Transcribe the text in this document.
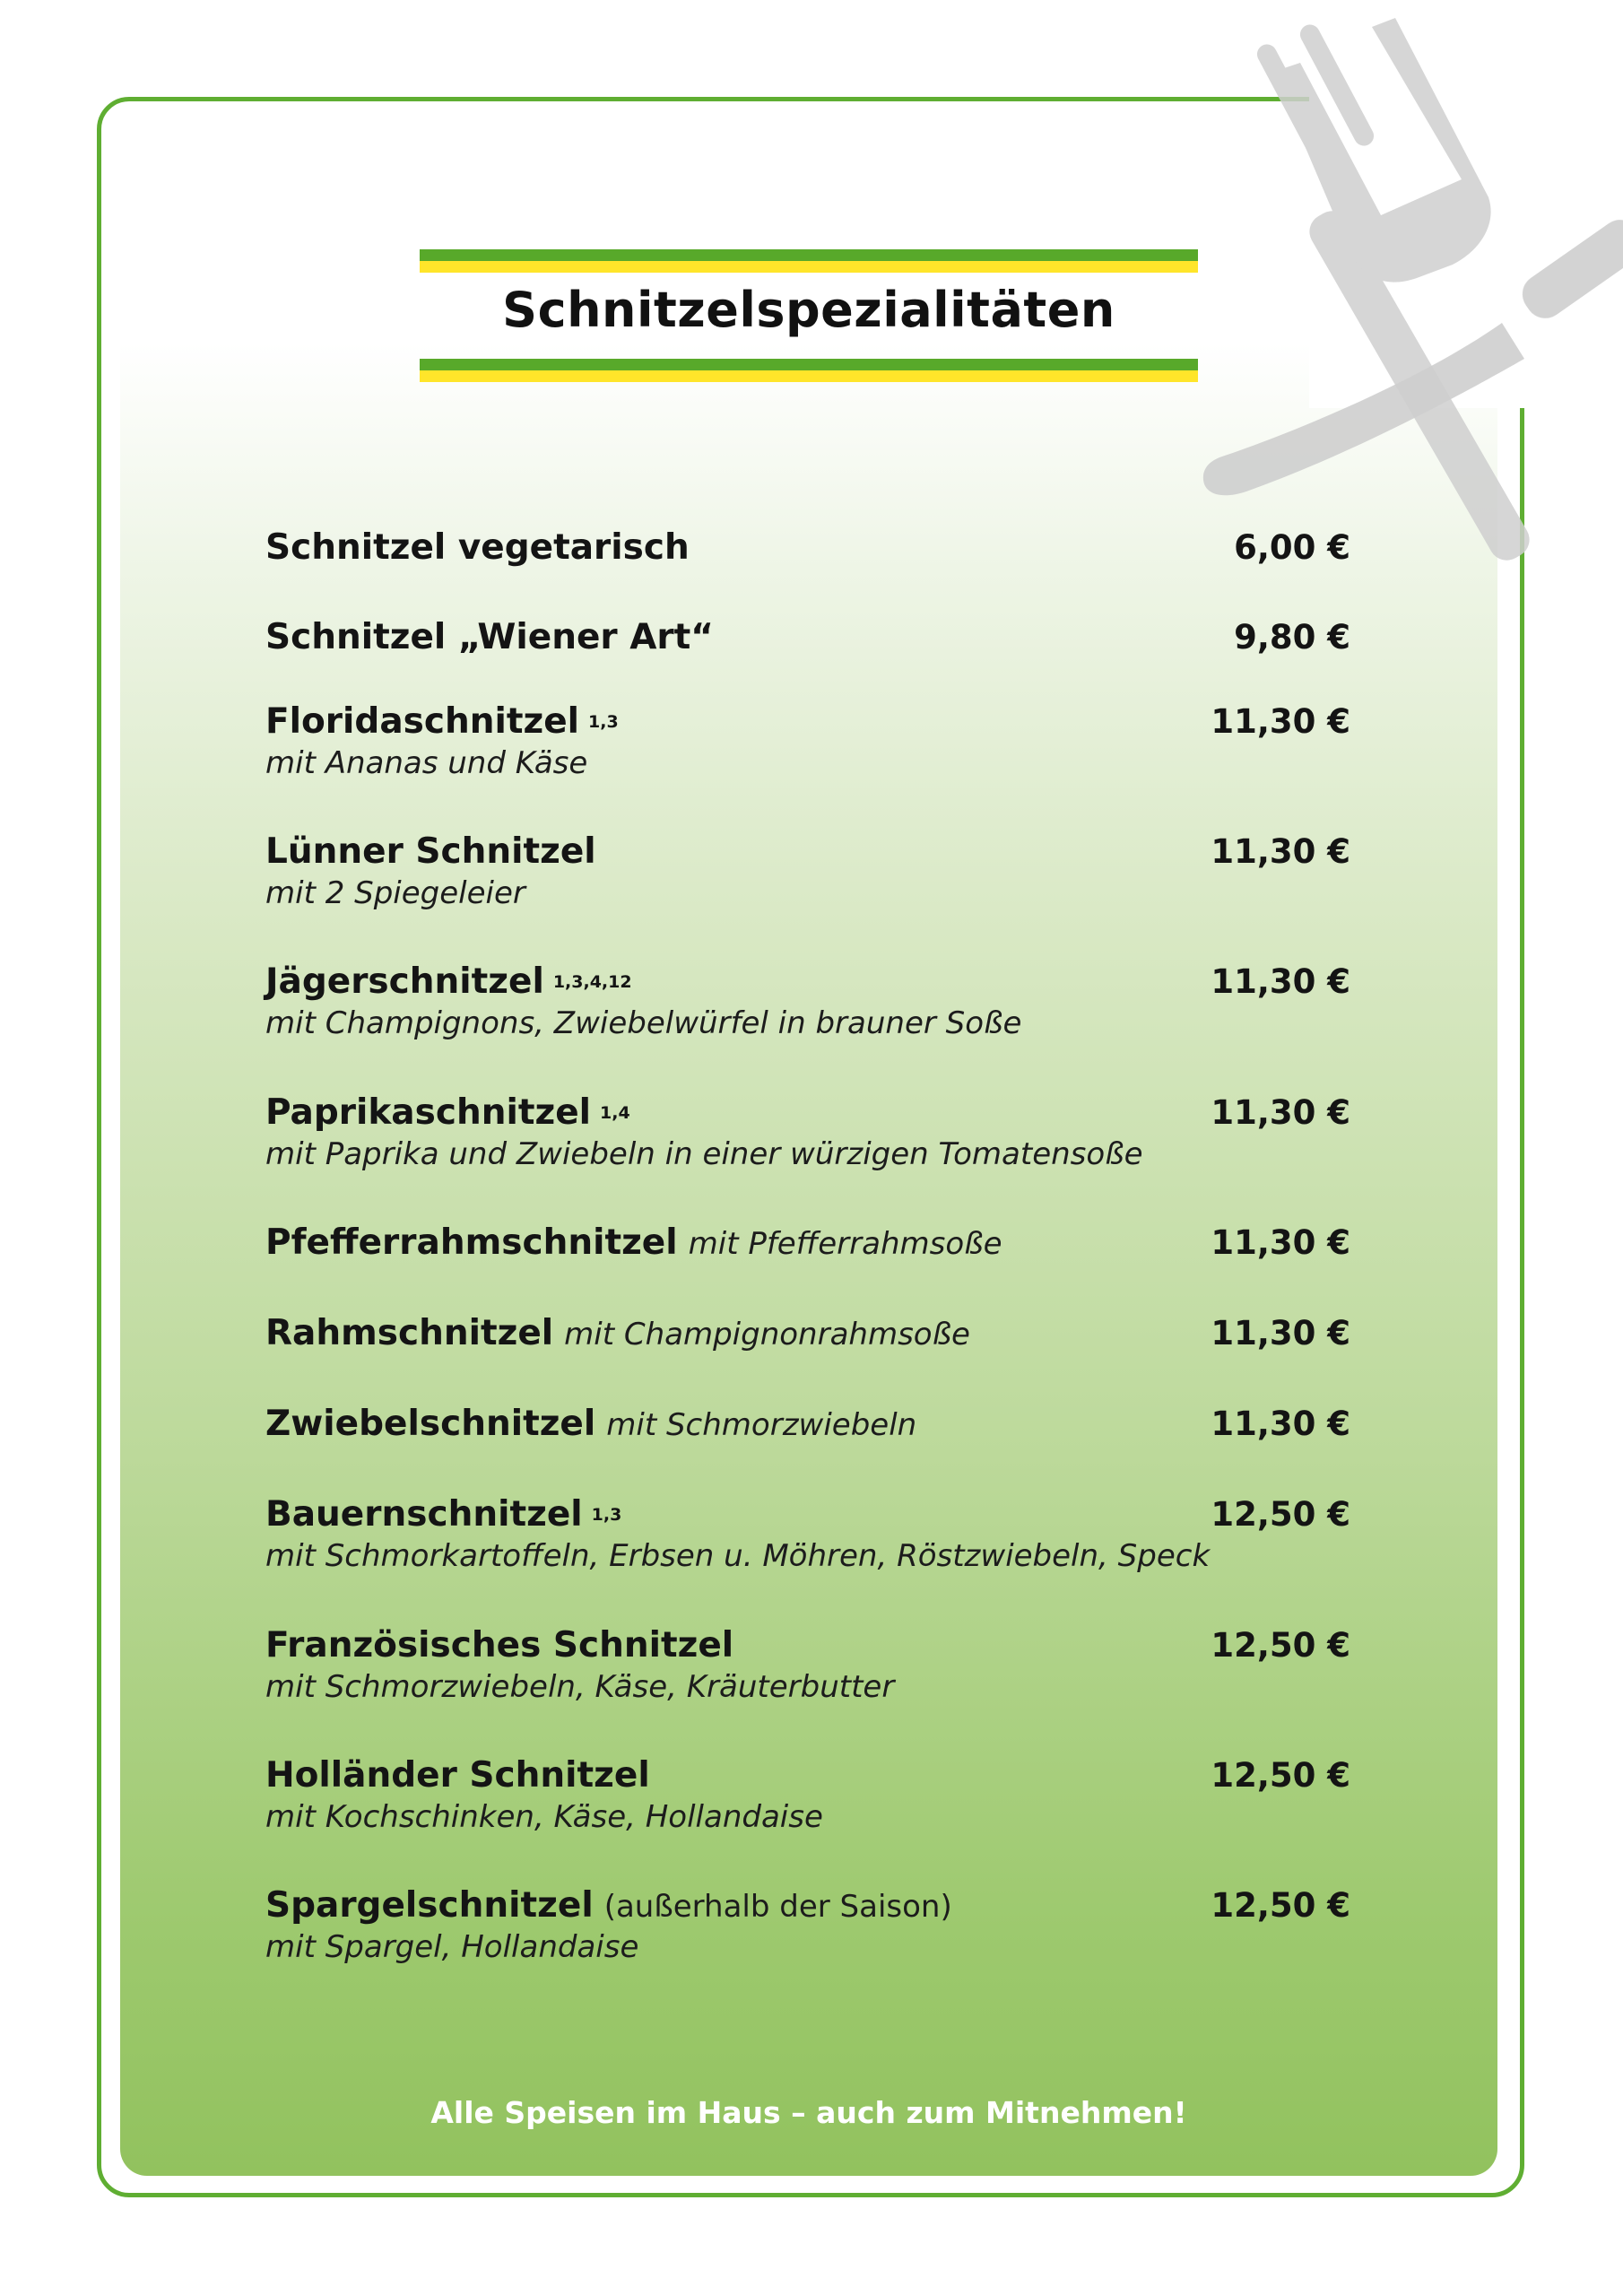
Schnitzelspezialitäten
Schnitzel vegetarisch	6,00 €
Schnitzel „Wiener Art“	9,80 €
Floridaschnitzel $^{1,3}$	11,30 €
mit Ananas und Käse
Lünner Schnitzel	11,30 €
mit 2 Spiegeleier
Jägerschnitzel $^{1,3,4,12}$	11,30 €
mit Champignons, Zwiebelwürfel in brauner Soße
Paprikaschnitzel $^{1,4}$	11,30 €
mit Paprika und Zwiebeln in einer würzigen Tomatensoße
Pfefferrahmschnitzel mit Pfefferrahmsoße	11,30 €
Rahmschnitzel mit Champignonrahmsoße	11,30 €
Zwiebelschnitzel mit Schmorzwiebeln	11,30 €
Bauernschnitzel $^{1,3}$	12,50 €
mit Schmorkartoffeln, Erbsen u. Möhren, Röstzwiebeln, Speck
Französisches Schnitzel	12,50 €
mit Schmorzwiebeln, Käse, Kräuterbutter
Holländer Schnitzel	12,50 €
mit Kochschinken, Käse, Hollandaise
Spargelschnitzel (außerhalb der Saison)	12,50 €
mit Spargel, Hollandaise
Alle Speisen im Haus – auch zum Mitnehmen!
